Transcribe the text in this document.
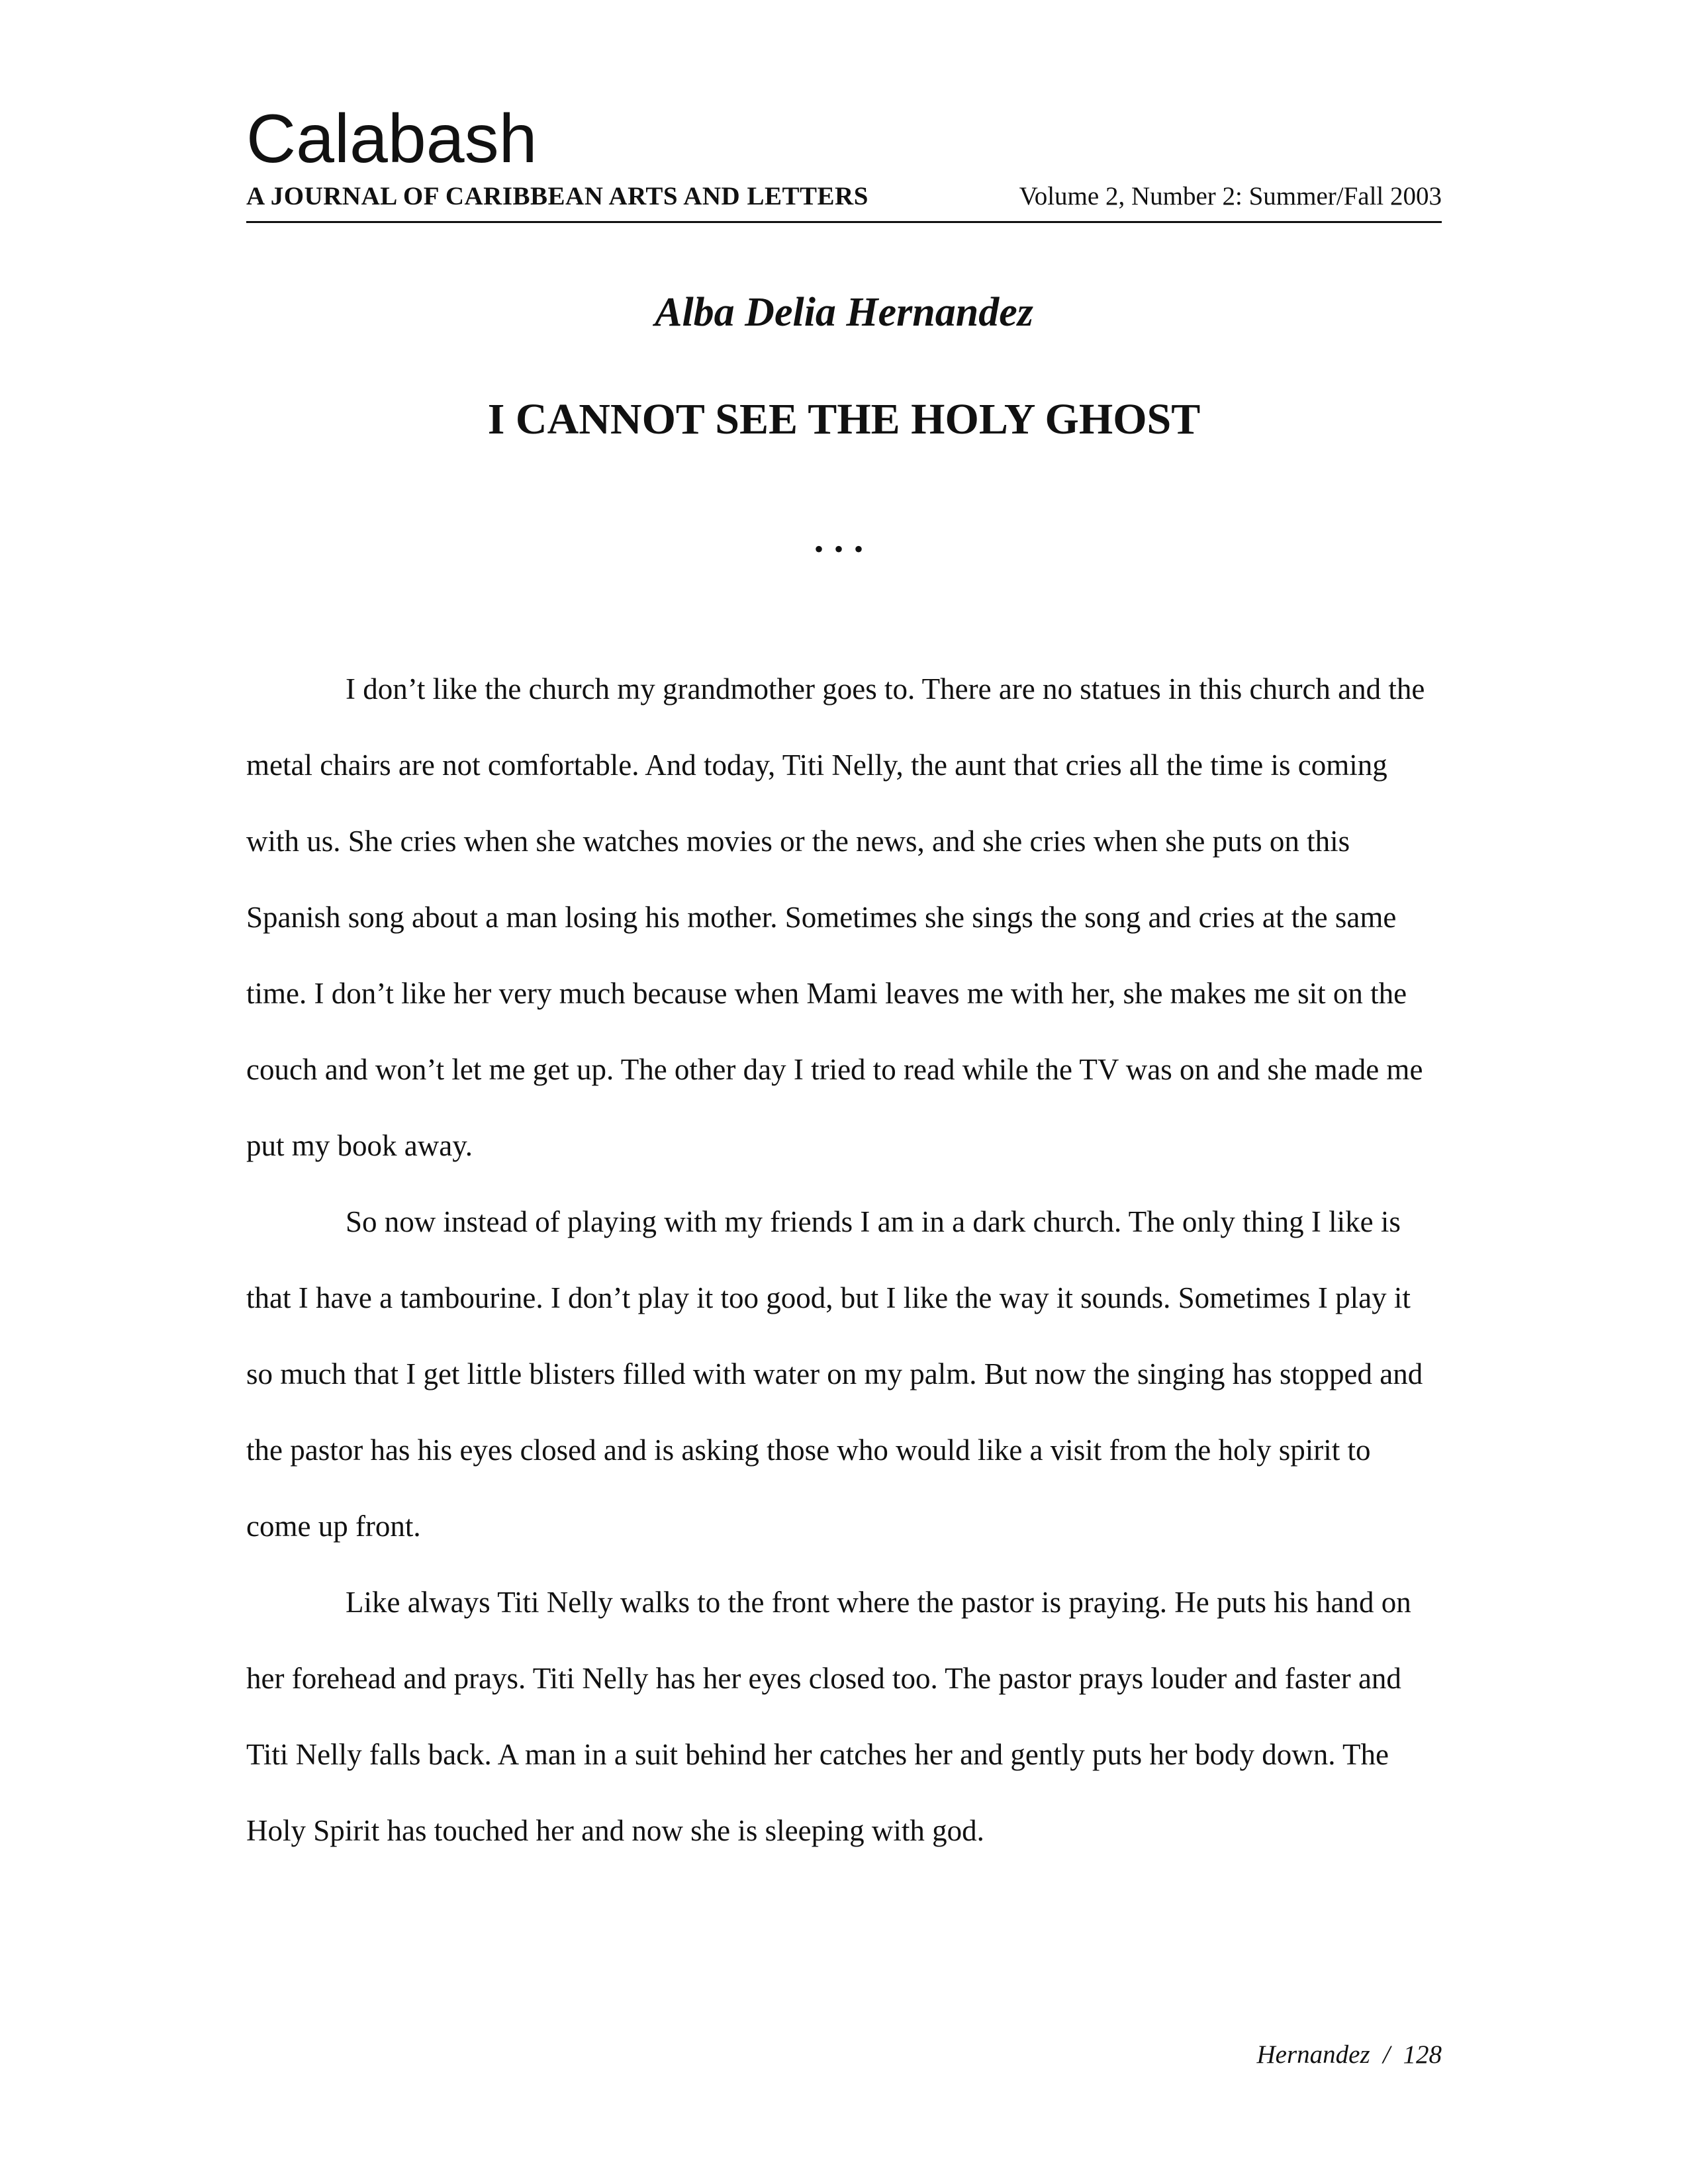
Calabash
A JOURNAL OF CARIBBEAN ARTS AND LETTERS	Volume 2, Number 2: Summer/Fall 2003
Alba Delia Hernandez
I CANNOT SEE THE HOLY GHOST
•••

I don’t like the church my grandmother goes to. There are no statues in this church and the metal chairs are not comfortable. And today, Titi Nelly, the aunt that cries all the time is coming with us. She cries when she watches movies or the news, and she cries when she puts on this Spanish song about a man losing his mother. Sometimes she sings the song and cries at the same time. I don’t like her very much because when Mami leaves me with her, she makes me sit on the couch and won’t let me get up. The other day I tried to read while the TV was on and she made me put my book away.

So now instead of playing with my friends I am in a dark church. The only thing I like is that I have a tambourine. I don’t play it too good, but I like the way it sounds. Sometimes I play it so much that I get little blisters filled with water on my palm. But now the singing has stopped and the pastor has his eyes closed and is asking those who would like a visit from the holy spirit to come up front.

Like always Titi Nelly walks to the front where the pastor is praying. He puts his hand on her forehead and prays. Titi Nelly has her eyes closed too. The pastor prays louder and faster and Titi Nelly falls back. A man in a suit behind her catches her and gently puts her body down. The Holy Spirit has touched her and now she is sleeping with god.

Hernandez  /  128
